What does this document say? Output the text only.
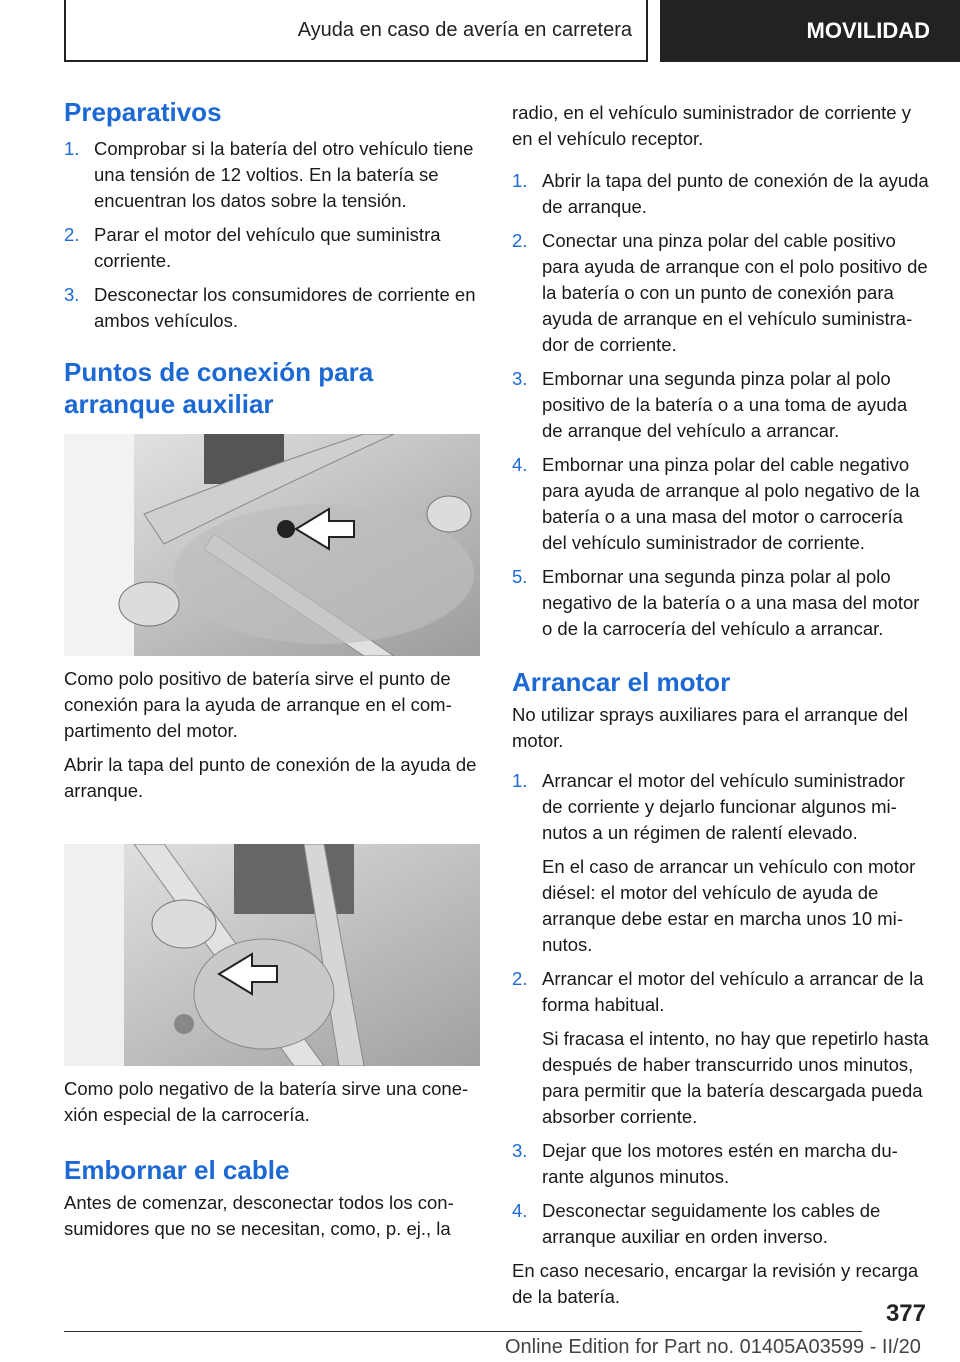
Ayuda en caso de avería en carretera	MOVILIDAD
Preparativos
1. Comprobar si la batería del otro vehículo tiene una tensión de 12 voltios. En la batería se encuentran los datos sobre la tensión.
2. Parar el motor del vehículo que suministra corriente.
3. Desconectar los consumidores de corriente en ambos vehículos.
Puntos de conexión para arranque auxiliar

Como polo positivo de batería sirve el punto de conexión para la ayuda de arranque en el compartimento del motor.

Abrir la tapa del punto de conexión de la ayuda de arranque.

Como polo negativo de la batería sirve una conexión especial de la carrocería.

Embornar el cable

Antes de comenzar, desconectar todos los consumidores que no se necesitan, como, p. ej., la

radio, en el vehículo suministrador de corriente y en el vehículo receptor.

1. Abrir la tapa del punto de conexión de la ayuda de arranque.
2. Conectar una pinza polar del cable positivo para ayuda de arranque con el polo positivo de la batería o con un punto de conexión para ayuda de arranque en el vehículo suministrador de corriente.
3. Embornar una segunda pinza polar al polo positivo de la batería o a una toma de ayuda de arranque del vehículo a arrancar.
4. Embornar una pinza polar del cable negativo para ayuda de arranque al polo negativo de la batería o a una masa del motor o carrocería del vehículo suministrador de corriente.
5. Embornar una segunda pinza polar al polo negativo de la batería o a una masa del motor o de la carrocería del vehículo a arrancar.
Arrancar el motor

No utilizar sprays auxiliares para el arranque del motor.

1. Arrancar el motor del vehículo suministrador de corriente y dejarlo funcionar algunos minutos a un régimen de ralentí elevado.
En el caso de arrancar un vehículo con motor diésel: el motor del vehículo de ayuda de arranque debe estar en marcha unos 10 minutos.
2. Arrancar el motor del vehículo a arrancar de la forma habitual.
Si fracasa el intento, no hay que repetirlo hasta después de haber transcurrido unos minutos, para permitir que la batería descargada pueda absorber corriente.
3. Dejar que los motores estén en marcha durante algunos minutos.
4. Desconectar seguidamente los cables de arranque auxiliar en orden inverso.

En caso necesario, encargar la revisión y recarga de la batería.

377
Online Edition for Part no. 01405A03599 - II/20
